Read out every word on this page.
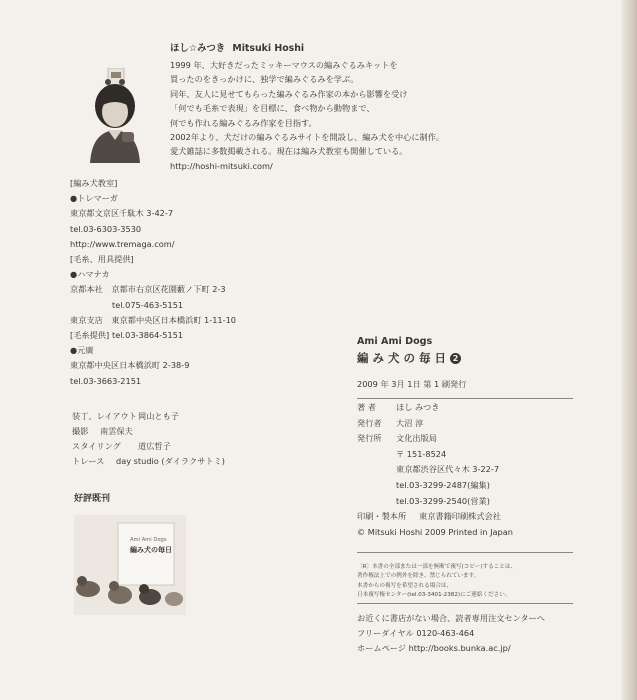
ほし☆みつき Mitsuki Hoshi
1999 年、大好きだったミッキーマウスの編みぐるみキットを
買ったのをきっかけに、独学で編みぐるみを学ぶ。
同年、友人に見せてもらった編みぐるみ作家の本から影響を受け
「何でも毛糸で表現」を目標に、食べ物から動物まで、
何でも作れる編みぐるみ作家を目指す。
2002年より、犬だけの編みぐるみサイトを開設し、編み犬を中心に制作。
愛犬雑誌に多数掲載される。現在は編み犬教室も開催している。
http://hoshi-mitsuki.com/
[編み犬教室]
●トレマーガ
東京都文京区千駄木 3-42-7
tel.03-6303-3530
http://www.tremaga.com/
[毛糸、用具提供]
●ハマナカ
京都本社 京都市右京区花園藪ノ下町 2-3
tel.075-463-5151
東京支店 東京都中央区日本橋浜町 1-11-10
tel.03-3864-5151
[毛糸提供]
●元廣
東京都中央区日本橋浜町 2-38-9
tel.03-3663-2151
装丁、レイアウト 岡山とも子
撮影 南雲保夫
スタイリング 道広哲子
トレース day studio (ダイラクサトミ)
好評既刊
Ami Ami Dogs
編み犬の毎日
Ami Ami Dogs
編み犬の毎日 2
2009 年 3月 1日 第 1 刷発行
著 者 ほし みつき
発行者 大沼 淳
発行所 文化出版局
〒 151-8524
東京都渋谷区代々木 3-22-7
tel.03-3299-2487(編集)
tel.03-3299-2540(営業)
印刷・製本所 東京書籍印刷株式会社
© Mitsuki Hoshi 2009 Printed in Japan
〔R〕本書の全部または一部を無断で複写(コピー)することは、
著作権法上での例外を除き、禁じられています。
本書からの複写を希望される場合は、
日本複写権センター(tel.03-3401-2382)にご連絡ください。
お近くに書店がない場合、読者専用注文センターへ
フリーダイヤル 0120-463-464
ホームページ http://books.bunka.ac.jp/
